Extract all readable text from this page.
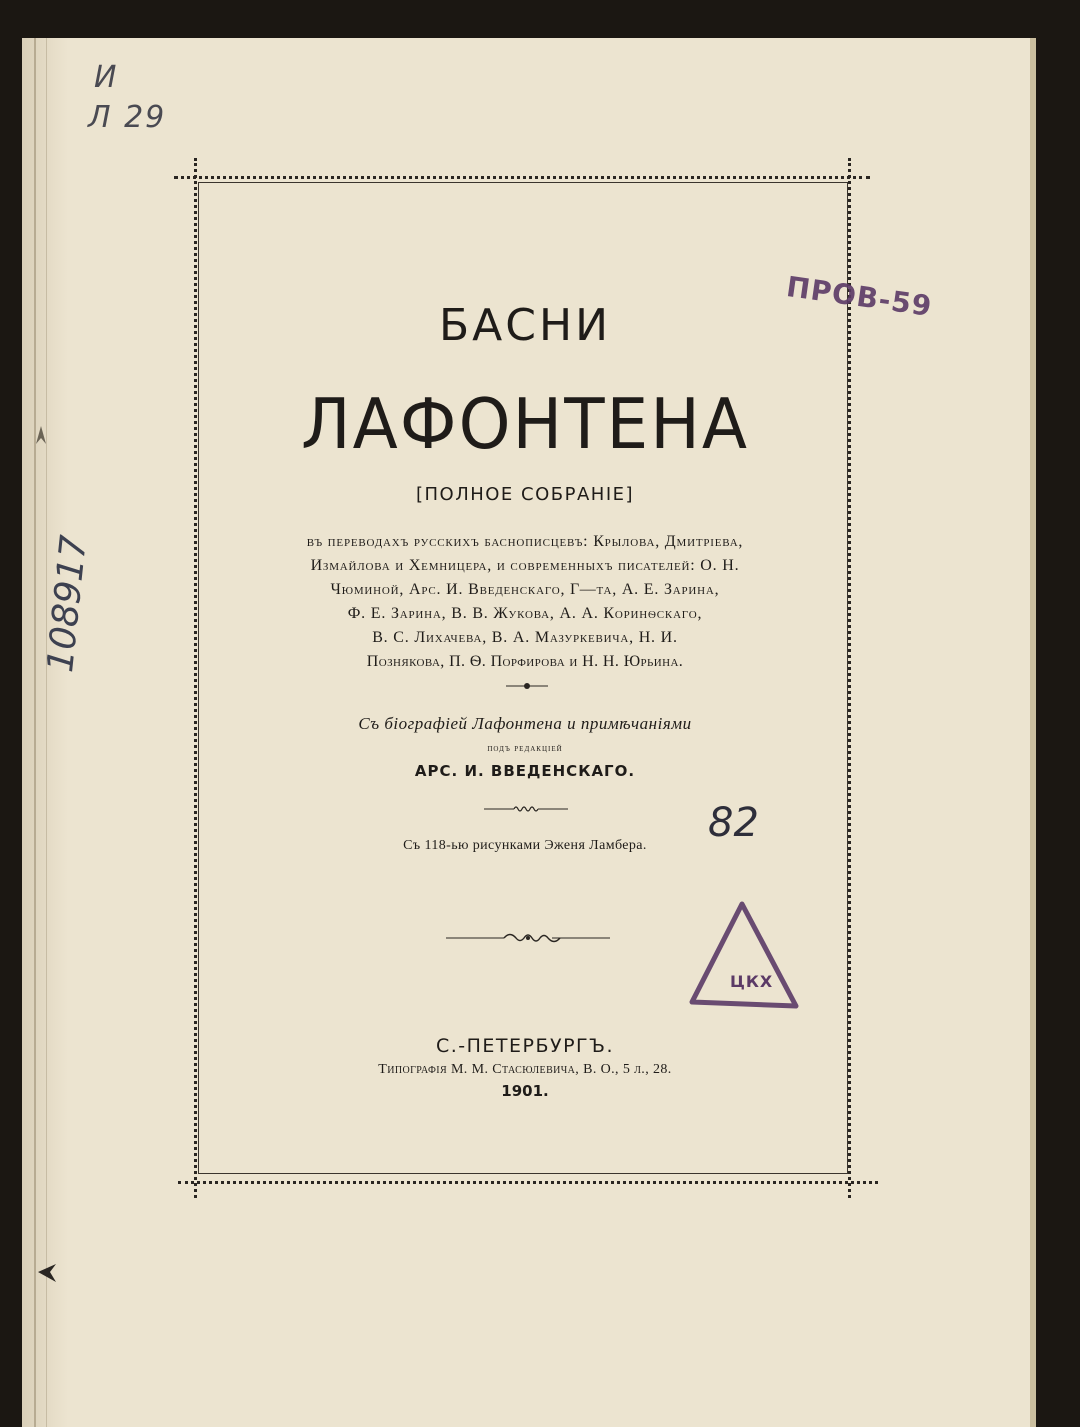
БАСНИ
ЛАФОНТЕНА
[ПОЛНОЕ СОБРАНІЕ]
въ переводахъ русскихъ баснописцевъ: Крылова, Дмитріева,
Измайлова и Хемницера, и современныхъ писателей: О. Н.
Чюминой, Арс. И. Введенскаго, Г—та, А. Е. Зарина,
Ф. Е. Зарина, В. В. Жукова, А. А. Коринѳскаго,
В. С. Лихачева, В. А. Мазуркевича, Н. И.
Познякова, П. Ѳ. Порфирова и Н. Н. Юрьина.
Съ біографіей Лафонтена и примѣчаніями
подъ редакціей
АРС. И. ВВЕДЕНСКАГО.
Съ 118-ью рисунками Эженя Ламбера.
С.-ПЕТЕРБУРГЪ.
Типографія М. М. Стасюлевича, В. О., 5 л., 28.
1901.
И
Л 29
108917
82
ПРОВ-59
ЦКХ
